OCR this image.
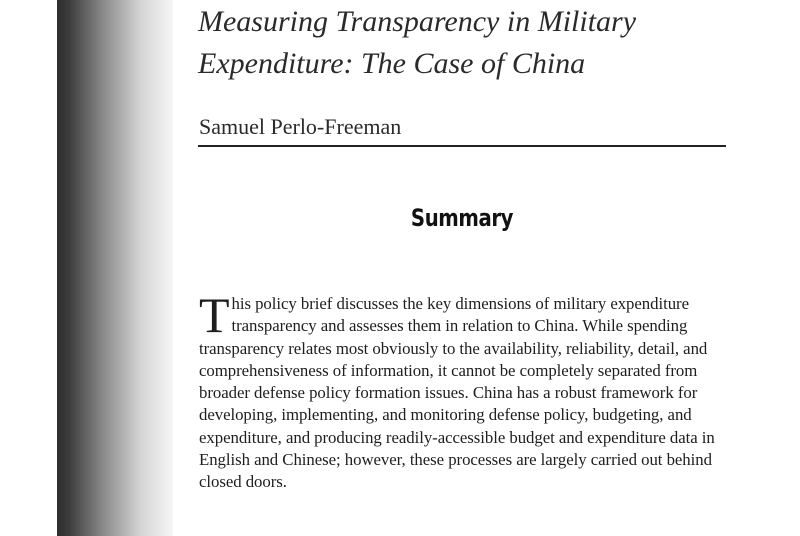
Measuring Transparency in Military
Expenditure: The Case of China

Samuel Perlo-Freeman

Summary

This policy brief discusses the key dimensions of military expenditure transparency and assesses them in relation to China. While spending transparency relates most obviously to the availability, reliability, detail, and comprehensiveness of information, it cannot be completely separated from broader defense policy formation issues. China has a robust framework for developing, implementing, and monitoring defense policy, budgeting, and expenditure, and producing readily-accessible budget and expenditure data in English and Chinese; however, these processes are largely carried out behind closed doors.
